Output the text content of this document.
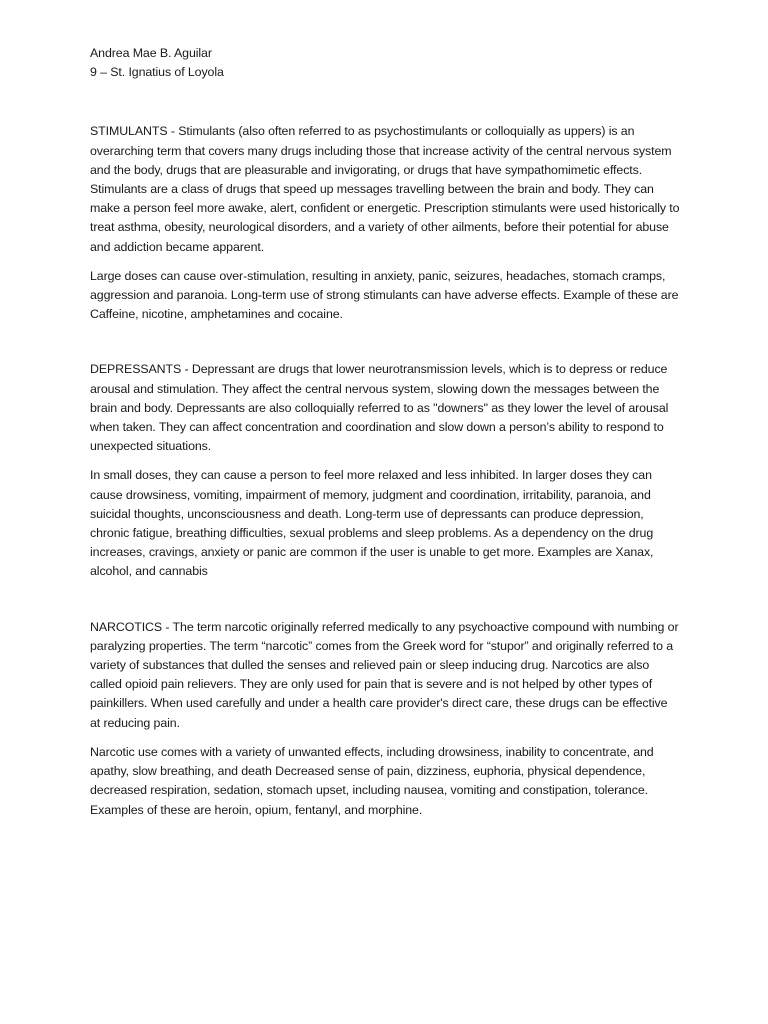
Andrea Mae B. Aguilar

9 – St. Ignatius of Loyola

STIMULANTS - Stimulants (also often referred to as psychostimulants or colloquially as uppers) is an overarching term that covers many drugs including those that increase activity of the central nervous system and the body, drugs that are pleasurable and invigorating, or drugs that have sympathomimetic effects. Stimulants are a class of drugs that speed up messages travelling between the brain and body. They can make a person feel more awake, alert, confident or energetic. Prescription stimulants were used historically to treat asthma, obesity, neurological disorders, and a variety of other ailments, before their potential for abuse and addiction became apparent.

Large doses can cause over-stimulation, resulting in anxiety, panic, seizures, headaches, stomach cramps, aggression and paranoia. Long-term use of strong stimulants can have adverse effects. Example of these are Caffeine, nicotine, amphetamines and cocaine.

DEPRESSANTS - Depressant are drugs that lower neurotransmission levels, which is to depress or reduce arousal and stimulation. They affect the central nervous system, slowing down the messages between the brain and body. Depressants are also colloquially referred to as "downers" as they lower the level of arousal when taken. They can affect concentration and coordination and slow down a person’s ability to respond to unexpected situations.

In small doses, they can cause a person to feel more relaxed and less inhibited. In larger doses they can cause drowsiness, vomiting, impairment of memory, judgment and coordination, irritability, paranoia, and suicidal thoughts, unconsciousness and death. Long-term use of depressants can produce depression, chronic fatigue, breathing difficulties, sexual problems and sleep problems. As a dependency on the drug increases, cravings, anxiety or panic are common if the user is unable to get more. Examples are Xanax, alcohol, and cannabis

NARCOTICS - The term narcotic originally referred medically to any psychoactive compound with numbing or paralyzing properties. The term “narcotic” comes from the Greek word for “stupor” and originally referred to a variety of substances that dulled the senses and relieved pain or sleep inducing drug. Narcotics are also called opioid pain relievers. They are only used for pain that is severe and is not helped by other types of painkillers. When used carefully and under a health care provider's direct care, these drugs can be effective at reducing pain.

Narcotic use comes with a variety of unwanted effects, including drowsiness, inability to concentrate, and apathy, slow breathing, and death Decreased sense of pain, dizziness, euphoria, physical dependence, decreased respiration, sedation, stomach upset, including nausea, vomiting and constipation, tolerance. Examples of these are heroin, opium, fentanyl, and morphine.
